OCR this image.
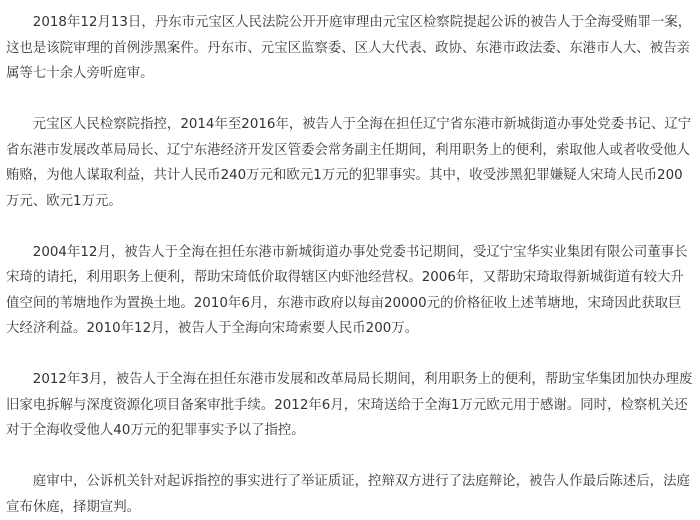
2018年12月13日，丹东市元宝区人民法院公开开庭审理由元宝区检察院提起公诉的被告人于全海受贿罪一案，这也是该院审理的首例涉黑案件。丹东市、元宝区监察委、区人大代表、政协、东港市政法委、东港市人大、被告亲属等七十余人旁听庭审。

元宝区人民检察院指控，2014年至2016年，被告人于全海在担任辽宁省东港市新城街道办事处党委书记、辽宁省东港市发展改革局局长、辽宁东港经济开发区管委会常务副主任期间，利用职务上的便利，索取他人或者收受他人贿赂，为他人谋取利益，共计人民币240万元和欧元1万元的犯罪事实。其中，收受涉黑犯罪嫌疑人宋琦人民币200万元、欧元1万元。

2004年12月，被告人于全海在担任东港市新城街道办事处党委书记期间，受辽宁宝华实业集团有限公司董事长宋琦的请托，利用职务上便利，帮助宋琦低价取得辖区内虾池经营权。2006年，又帮助宋琦取得新城街道有较大升值空间的苇塘地作为置换土地。2010年6月，东港市政府以每亩20000元的价格征收上述苇塘地，宋琦因此获取巨大经济利益。2010年12月，被告人于全海向宋琦索要人民币200万。

2012年3月，被告人于全海在担任东港市发展和改革局局长期间，利用职务上的便利，帮助宝华集团加快办理废旧家电拆解与深度资源化项目备案审批手续。2012年6月，宋琦送给于全海1万元欧元用于感谢。同时，检察机关还对于全海收受他人40万元的犯罪事实予以了指控。

庭审中，公诉机关针对起诉指控的事实进行了举证质证，控辩双方进行了法庭辩论，被告人作最后陈述后，法庭宣布休庭，择期宣判。
